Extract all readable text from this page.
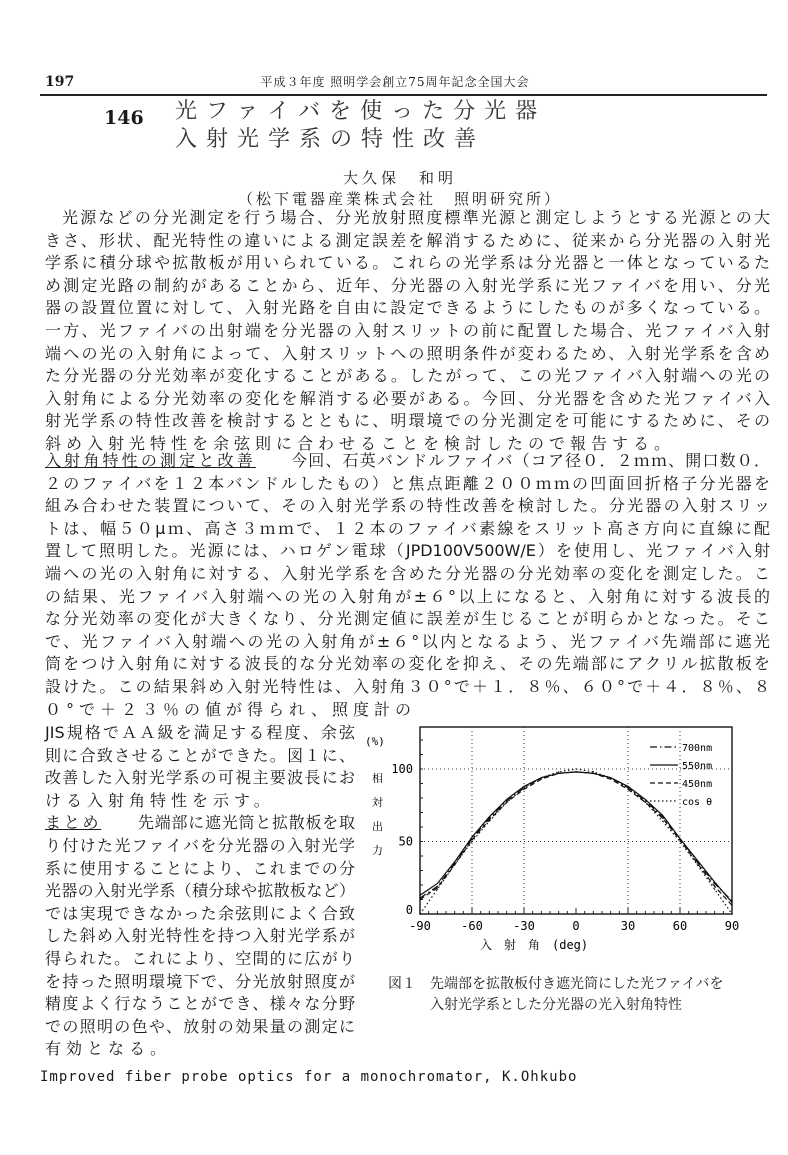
197	平成３年度 照明学会創立75周年記念全国大会
146 光ファイバを使った分光器
入射光学系の特性改善
大久保　和明
（松下電器産業株式会社　照明研究所）
光源などの分光測定を行う場合、分光放射照度標準光源と測定しようとする光源との大
きさ、形状、配光特性の違いによる測定誤差を解消するために、従来から分光器の入射光
学系に積分球や拡散板が用いられている。これらの光学系は分光器と一体となっているた
め測定光路の制約があることから、近年、分光器の入射光学系に光ファイバを用い、分光
器の設置位置に対して、入射光路を自由に設定できるようにしたものが多くなっている。
一方、光ファイバの出射端を分光器の入射スリットの前に配置した場合、光ファイバ入射
端への光の入射角によって、入射スリットへの照明条件が変わるため、入射光学系を含め
た分光器の分光効率が変化することがある。したがって、この光ファイバ入射端への光の
入射角による分光効率の変化を解消する必要がある。今回、分光器を含めた光ファイバ入
射光学系の特性改善を検討するとともに、明環境での分光測定を可能にするために、その
斜め入射光特性を余弦則に合わせることを検討したので報告する。
入射角特性の測定と改善 今回、石英バンドルファイバ（コア径０．２ｍｍ、開口数０．
２のファイバを１２本バンドルしたもの）と焦点距離２００ｍｍの凹面回折格子分光器を
組み合わせた装置について、その入射光学系の特性改善を検討した。分光器の入射スリッ
トは、幅５０μｍ、高さ３ｍｍで、１２本のファイバ素線をスリット高さ方向に直線に配
置して照明した。光源には、ハロゲン電球（JPD100V500W/E）を使用し、光ファイバ入射
端への光の入射角に対する、入射光学系を含めた分光器の分光効率の変化を測定した。こ
の結果、光ファイバ入射端への光の入射角が±６°以上になると、入射角に対する波長的
な分光効率の変化が大きくなり、分光測定値に誤差が生じることが明らかとなった。そこ
で、光ファイバ入射端への光の入射角が±６°以内となるよう、光ファイバ先端部に遮光
筒をつけ入射角に対する波長的な分光効率の変化を抑え、その先端部にアクリル拡散板を
設けた。この結果斜め入射光特性は、入射角３０°で＋１．８％、６０°で＋４．８％、８
０°で＋２３％の値が得られ、照度計の
JIS規格でＡＡ級を満足する程度、余弦
則に合致させることができた。図１に、
改善した入射光学系の可視主要波長にお
ける入射角特性を示す。
まとめ 先端部に遮光筒と拡散板を取
り付けた光ファイバを分光器の入射光学
系に使用することにより、これまでの分
光器の入射光学系（積分球や拡散板など）
では実現できなかった余弦則によく合致
した斜め入射光特性を持つ入射光学系が
得られた。これにより、空間的に広がり
を持った照明環境下で、分光放射照度が
精度よく行なうことができ、様々な分野
での照明の色や、放射の効果量の測定に
有効となる。
Improved fiber probe optics for a monochromator, K.Ohkubo
-90	-60	-30	0	30	60	90
0
50
100
(%)
相
対
出
力
入　射　角　(deg)
700nm
550nm
450nm
cos θ
図１ 先端部を拡散板付き遮光筒にした光ファイバを
入射光学系とした分光器の光入射角特性
